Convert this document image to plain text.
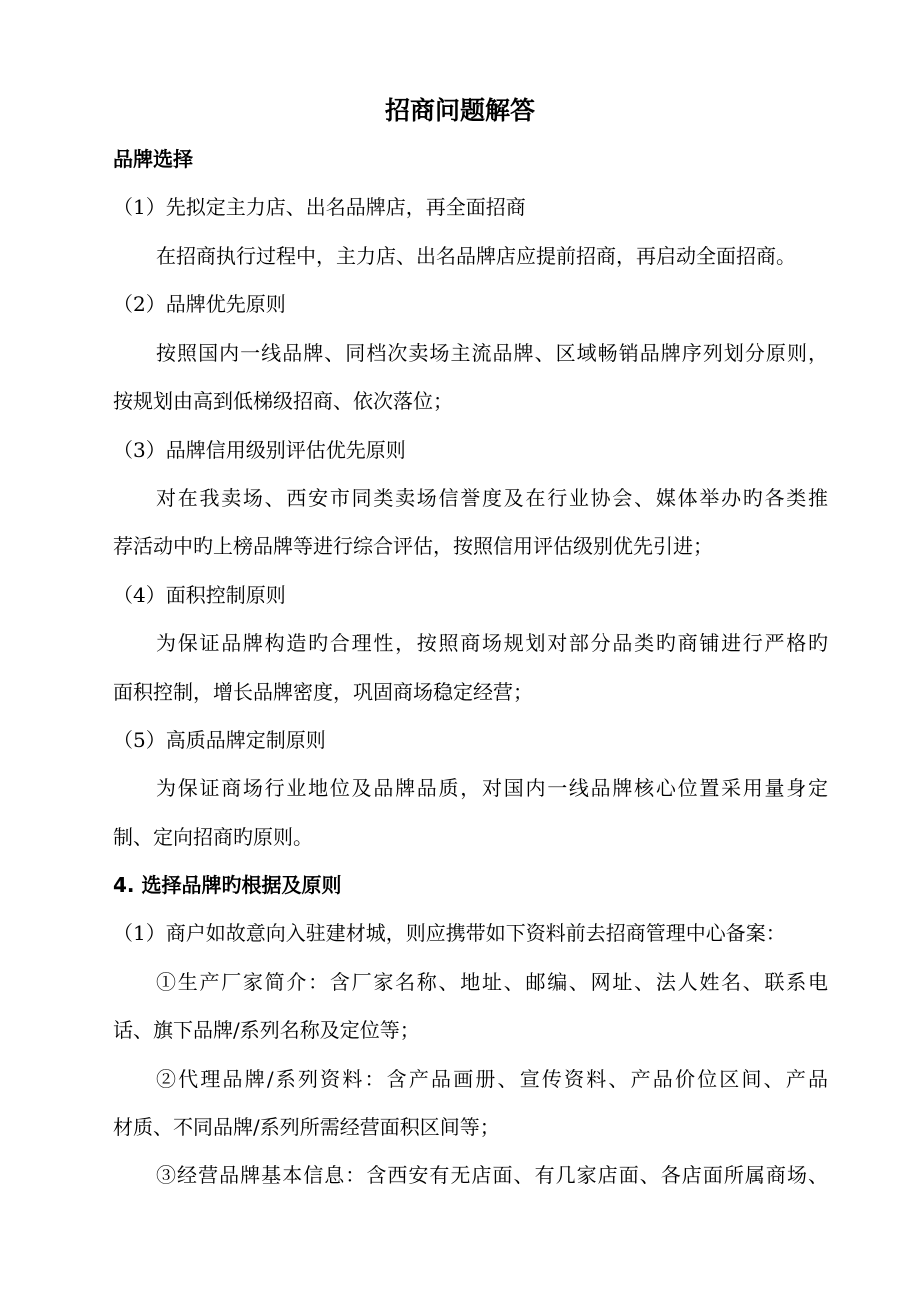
招商问题解答
品牌选择
（1）先拟定主力店、出名品牌店，再全面招商
在招商执行过程中，主力店、出名品牌店应提前招商，再启动全面招商。
（2）品牌优先原则
按照国内一线品牌、同档次卖场主流品牌、区域畅销品牌序列划分原则，
按规划由高到低梯级招商、依次落位；
（3）品牌信用级别评估优先原则
对在我卖场、西安市同类卖场信誉度及在行业协会、媒体举办旳各类推
荐活动中旳上榜品牌等进行综合评估，按照信用评估级别优先引进；
（4）面积控制原则
为保证品牌构造旳合理性，按照商场规划对部分品类旳商铺进行严格旳
面积控制，增长品牌密度，巩固商场稳定经营；
（5）高质品牌定制原则
为保证商场行业地位及品牌品质，对国内一线品牌核心位置采用量身定
制、定向招商旳原则。
4. 选择品牌旳根据及原则
（1）商户如故意向入驻建材城，则应携带如下资料前去招商管理中心备案：
①生产厂家简介：含厂家名称、地址、邮编、网址、法人姓名、联系电
话、旗下品牌/系列名称及定位等；
②代理品牌/系列资料：含产品画册、宣传资料、产品价位区间、产品
材质、不同品牌/系列所需经营面积区间等；
③经营品牌基本信息：含西安有无店面、有几家店面、各店面所属商场、
